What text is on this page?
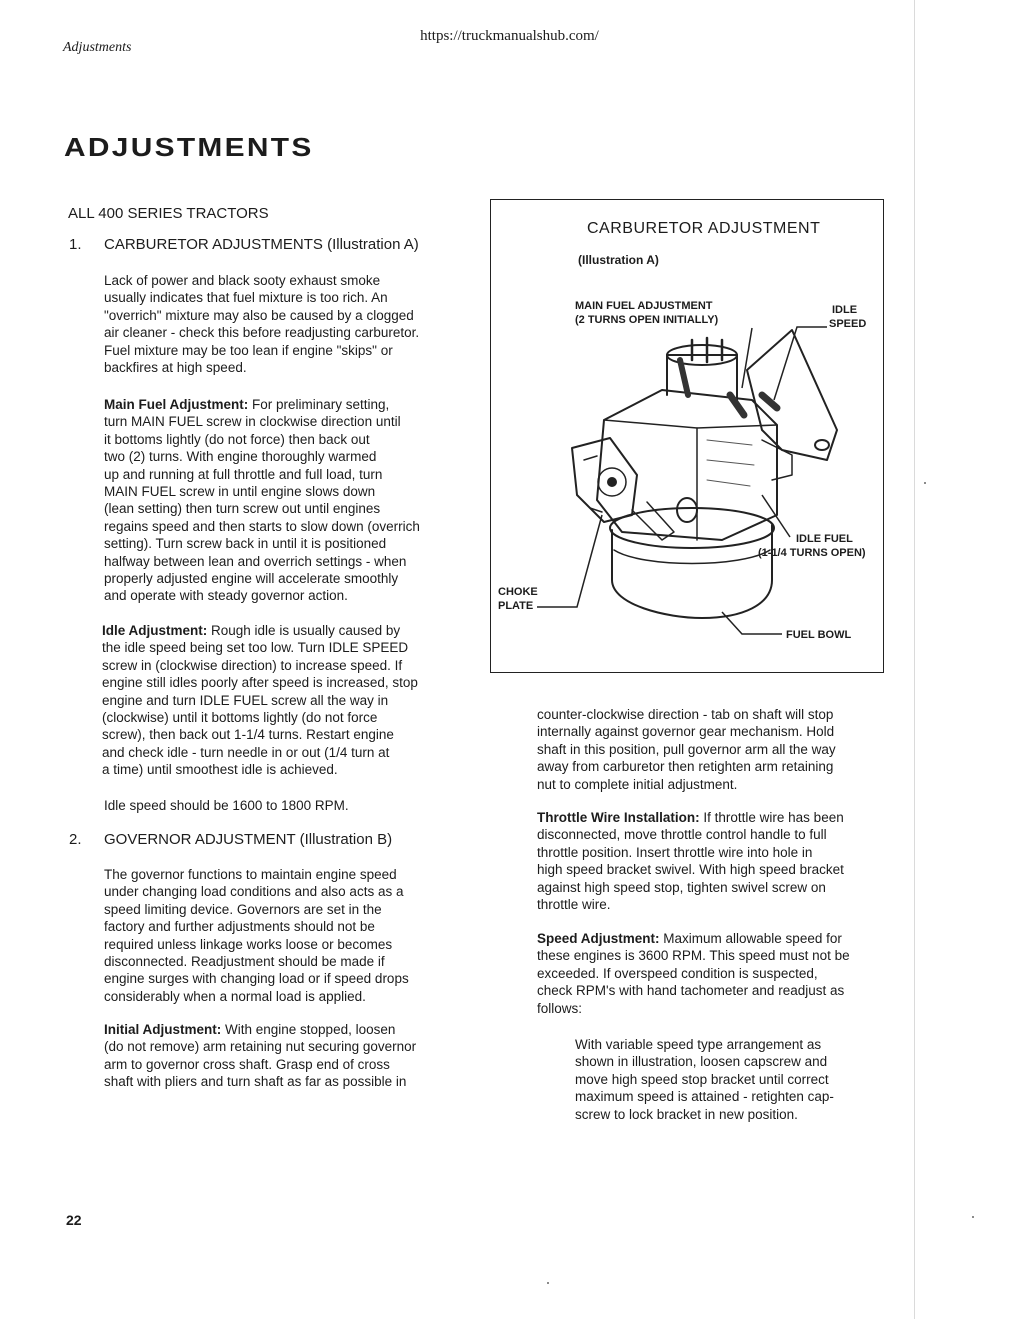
https://truckmanualshub.com/
Adjustments
ADJUSTMENTS
ALL 400 SERIES TRACTORS
1. CARBURETOR ADJUSTMENTS (Illustration A)
Lack of power and black sooty exhaust smoke
usually indicates that fuel mixture is too rich. An
"overrich" mixture may also be caused by a clogged
air cleaner - check this before readjusting carburetor.
Fuel mixture may be too lean if engine "skips" or
backfires at high speed.
Main Fuel Adjustment: For preliminary setting,
turn MAIN FUEL screw in clockwise direction until
it bottoms lightly (do not force) then back out
two (2) turns. With engine thoroughly warmed
up and running at full throttle and full load, turn
MAIN FUEL screw in until engine slows down
(lean setting) then turn screw out until engines
regains speed and then starts to slow down (overrich
setting). Turn screw back in until it is positioned
halfway between lean and overrich settings - when
properly adjusted engine will accelerate smoothly
and operate with steady governor action.
Idle Adjustment: Rough idle is usually caused by
the idle speed being set too low. Turn IDLE SPEED
screw in (clockwise direction) to increase speed. If
engine still idles poorly after speed is increased, stop
engine and turn IDLE FUEL screw all the way in
(clockwise) until it bottoms lightly (do not force
screw), then back out 1-1/4 turns. Restart engine
and check idle - turn needle in or out (1/4 turn at
a time) until smoothest idle is achieved.
Idle speed should be 1600 to 1800 RPM.
2. GOVERNOR ADJUSTMENT (Illustration B)
The governor functions to maintain engine speed
under changing load conditions and also acts as a
speed limiting device. Governors are set in the
factory and further adjustments should not be
required unless linkage works loose or becomes
disconnected. Readjustment should be made if
engine surges with changing load or if speed drops
considerably when a normal load is applied.
Initial Adjustment: With engine stopped, loosen
(do not remove) arm retaining nut securing governor
arm to governor cross shaft. Grasp end of cross
shaft with pliers and turn shaft as far as possible in
CARBURETOR ADJUSTMENT
(Illustration A)
MAIN FUEL ADJUSTMENT
(2 TURNS OPEN INITIALLY)
IDLE
SPEED
IDLE FUEL
(1-1/4 TURNS OPEN)
CHOKE
PLATE
FUEL BOWL
counter-clockwise direction - tab on shaft will stop
internally against governor gear mechanism. Hold
shaft in this position, pull governor arm all the way
away from carburetor then retighten arm retaining
nut to complete initial adjustment.
Throttle Wire Installation: If throttle wire has been
disconnected, move throttle control handle to full
throttle position. Insert throttle wire into hole in
high speed bracket swivel. With high speed bracket
against high speed stop, tighten swivel screw on
throttle wire.
Speed Adjustment: Maximum allowable speed for
these engines is 3600 RPM. This speed must not be
exceeded. If overspeed condition is suspected,
check RPM's with hand tachometer and readjust as
follows:
With variable speed type arrangement as
shown in illustration, loosen capscrew and
move high speed stop bracket until correct
maximum speed is attained - retighten cap-
screw to lock bracket in new position.
22
